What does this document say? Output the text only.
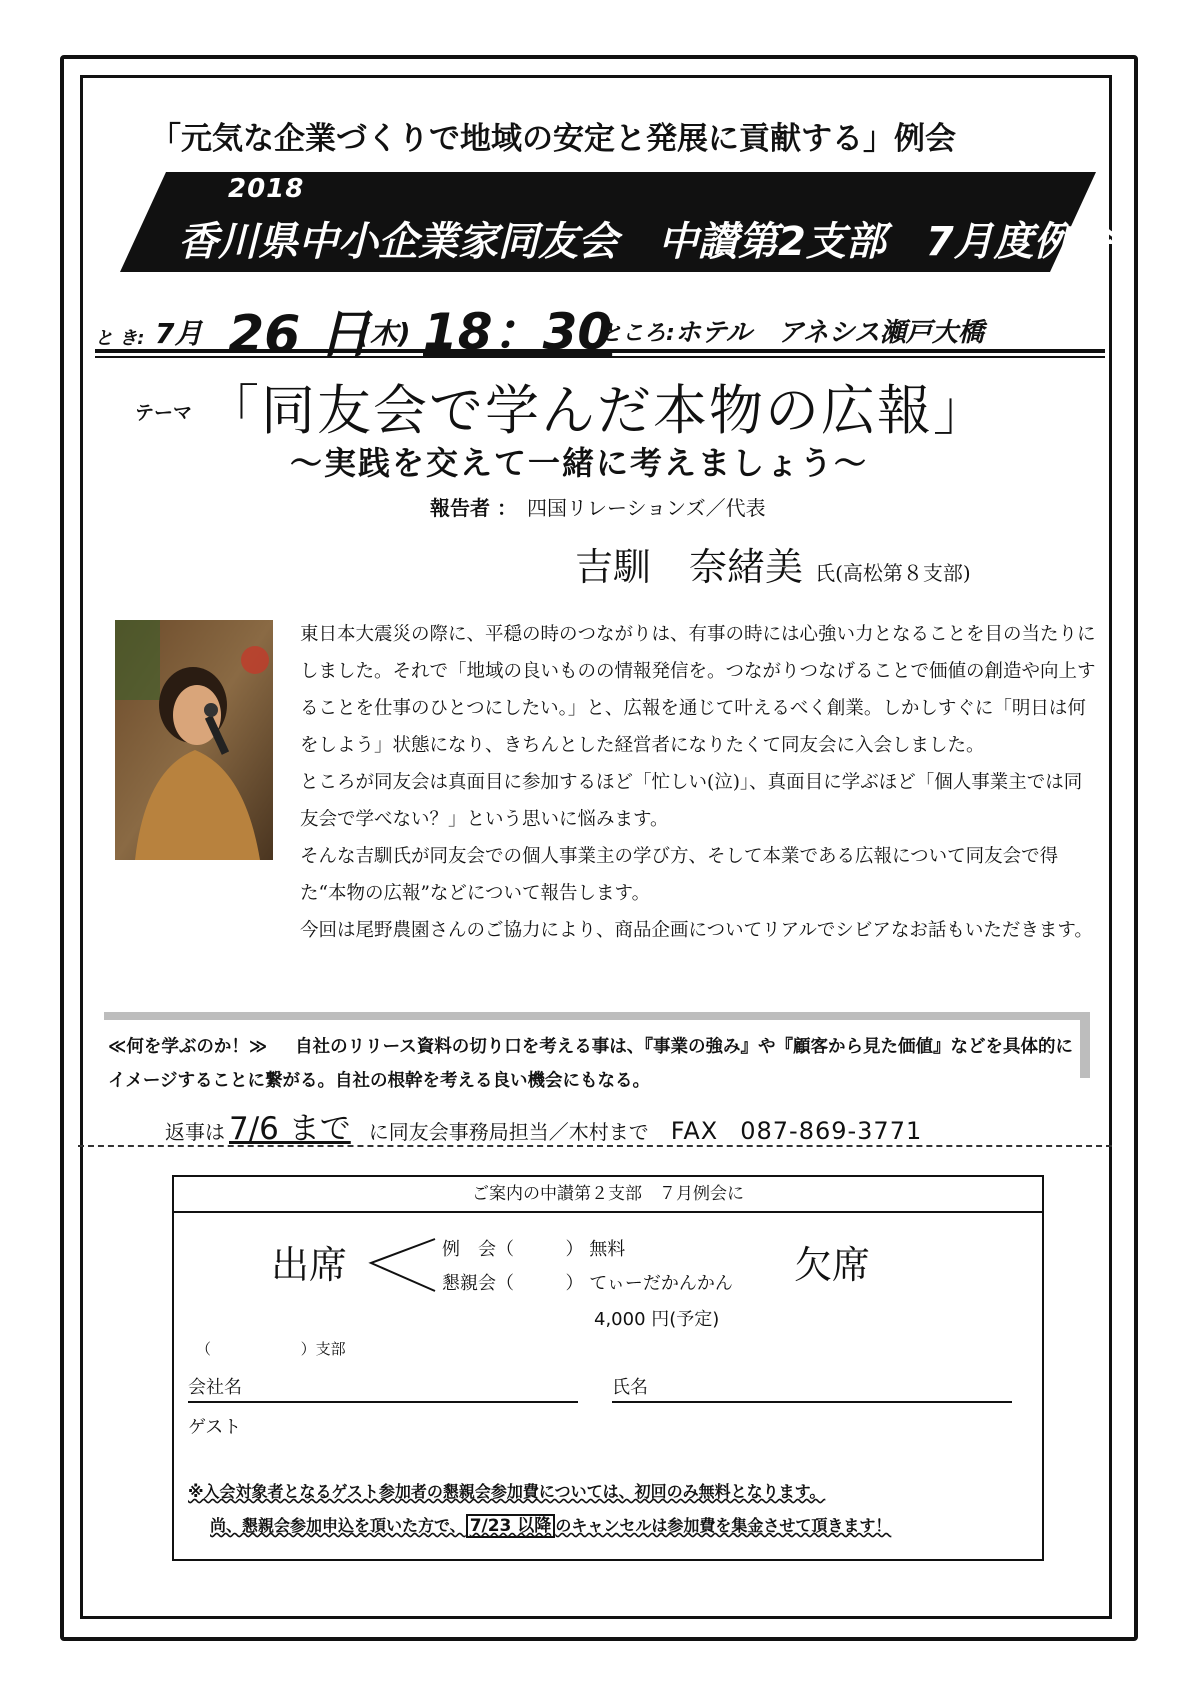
「元気な企業づくりで地域の安定と発展に貢献する」例会
2018
香川県中小企業家同友会　中讃第2支部　7月度例会
と き: 7月 26 日
(木) 18：30
ところ: ホテル　アネシス瀬戸大橋
テーマ 「同友会で学んだ本物の広報」
～実践を交えて一緒に考えましょう～
報告者 ： 四国リレーションズ／代表
吉馴　奈緒美 氏(高松第８支部)

東日本大震災の際に、平穏の時のつながりは、有事の時には心強い力となることを目の当たりにしました。それで「地域の良いものの情報発信を。つながりつなげることで価値の創造や向上することを仕事のひとつにしたい。」と、広報を通じて叶えるべく創業。しかしすぐに「明日は何をしよう」状態になり、きちんとした経営者になりたくて同友会に入会しました。

ところが同友会は真面目に参加するほど「忙しい(泣)」、真面目に学ぶほど「個人事業主では同友会で学べない？」という思いに悩みます。

そんな吉馴氏が同友会での個人事業主の学び方、そして本業である広報について同友会で得た“本物の広報”などについて報告します。

今回は尾野農園さんのご協力により、商品企画についてリアルでシビアなお話もいただきます。

≪何を学ぶのか！≫ 自社のリリース資料の切り口を考える事は、『事業の強み』や『顧客から見た価値』などを具体的にイメージすることに繋がる。自社の根幹を考える良い機会にもなる。
返事は 7/6 まで に同友会事務局担当／木村まで FAX 087-869-3771
ご案内の中讃第２支部　７月例会に
出席	例　会（	） 無料
懇親会（	） てぃーだかんかん
4,000 円(予定)
欠席
（	）支部
会社名	氏名
ゲスト
※入会対象者となるゲスト参加者の懇親会参加費については、初回のみ無料となります。
尚、懇親会参加申込を頂いた方で、 7/23 以降 のキャンセルは参加費を集金させて頂きます！
